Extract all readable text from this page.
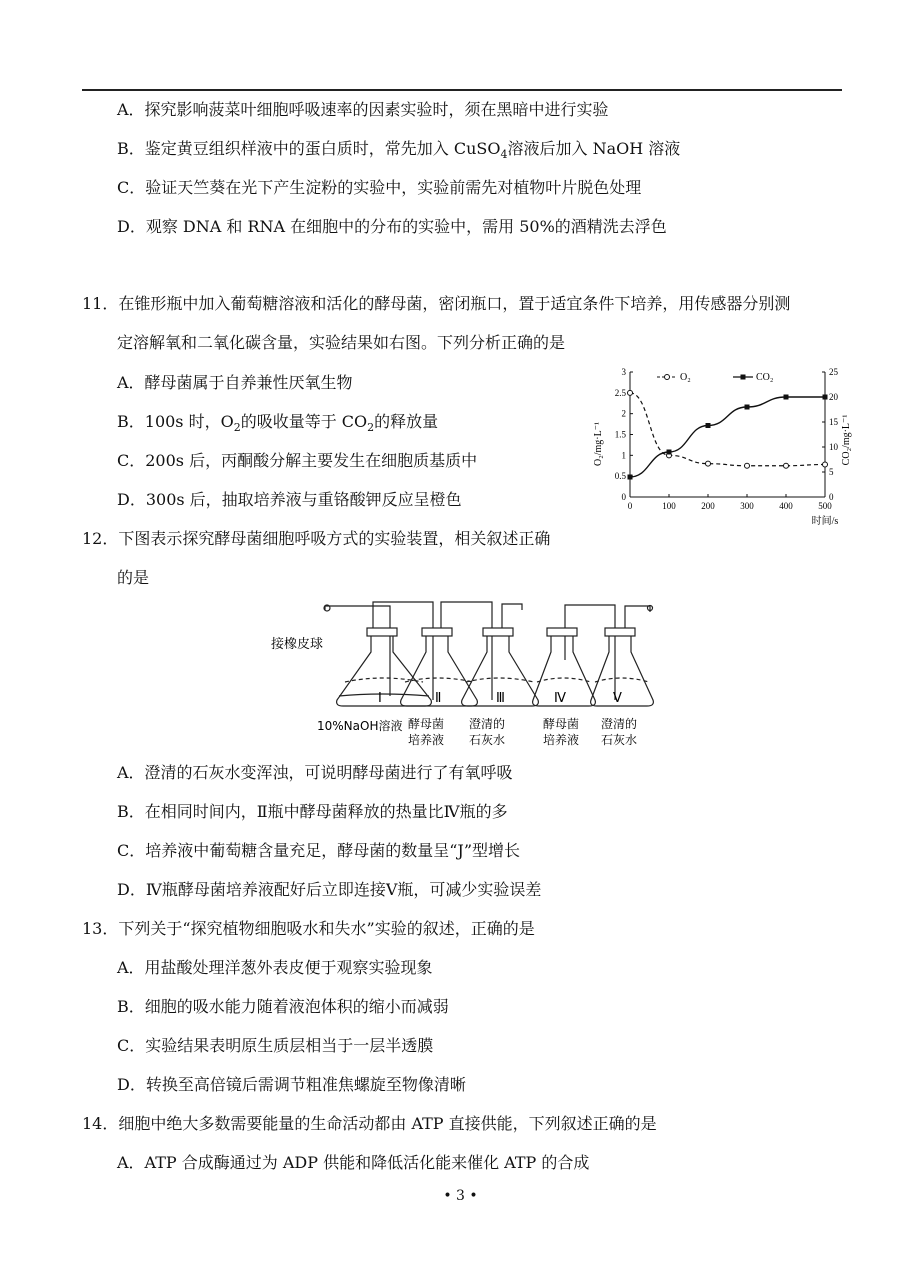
A．探究影响菠菜叶细胞呼吸速率的因素实验时，须在黑暗中进行实验
B．鉴定黄豆组织样液中的蛋白质时，常先加入 CuSO$_4$溶液后加入 NaOH 溶液
C．验证天竺葵在光下产生淀粉的实验中，实验前需先对植物叶片脱色处理
D．观察 DNA 和 RNA 在细胞中的分布的实验中，需用 50%的酒精洗去浮色
11．在锥形瓶中加入葡萄糖溶液和活化的酵母菌，密闭瓶口，置于适宜条件下培养，用传感器分别测
定溶解氧和二氧化碳含量，实验结果如右图。下列分析正确的是
A．酵母菌属于自养兼性厌氧生物
B．100s 时，$O_2$的吸收量等于 $CO_2$的释放量
C．200s 后，丙酮酸分解主要发生在细胞质基质中
D．300s 后，抽取培养液与重铬酸钾反应呈橙色	0	100	200	300	400	500
0
0.5
1
1.5
2
2.5
3
0
5
10
15
20
25
O₂	CO₂
O₂/mg·L⁻¹	CO₂/mg·L⁻¹
时间/s
12．下图表示探究酵母菌细胞呼吸方式的实验装置，相关叙述正确
的是
接橡皮球
Ⅰ	Ⅱ	Ⅲ	Ⅳ	Ⅴ
10%NaOH溶液 酵母菌
培养液
澄清的
石灰水
酵母菌
培养液
澄清的
石灰水
A．澄清的石灰水变浑浊，可说明酵母菌进行了有氧呼吸
B．在相同时间内，Ⅱ瓶中酵母菌释放的热量比Ⅳ瓶的多
C．培养液中葡萄糖含量充足，酵母菌的数量呈“J”型增长
D．Ⅳ瓶酵母菌培养液配好后立即连接Ⅴ瓶，可减少实验误差
13．下列关于“探究植物细胞吸水和失水”实验的叙述，正确的是
A．用盐酸处理洋葱外表皮便于观察实验现象
B．细胞的吸水能力随着液泡体积的缩小而减弱
C．实验结果表明原生质层相当于一层半透膜
D．转换至高倍镜后需调节粗准焦螺旋至物像清晰
14．细胞中绝大多数需要能量的生命活动都由 ATP 直接供能，下列叙述正确的是
A．ATP 合成酶通过为 ADP 供能和降低活化能来催化 ATP 的合成
• 3 •
